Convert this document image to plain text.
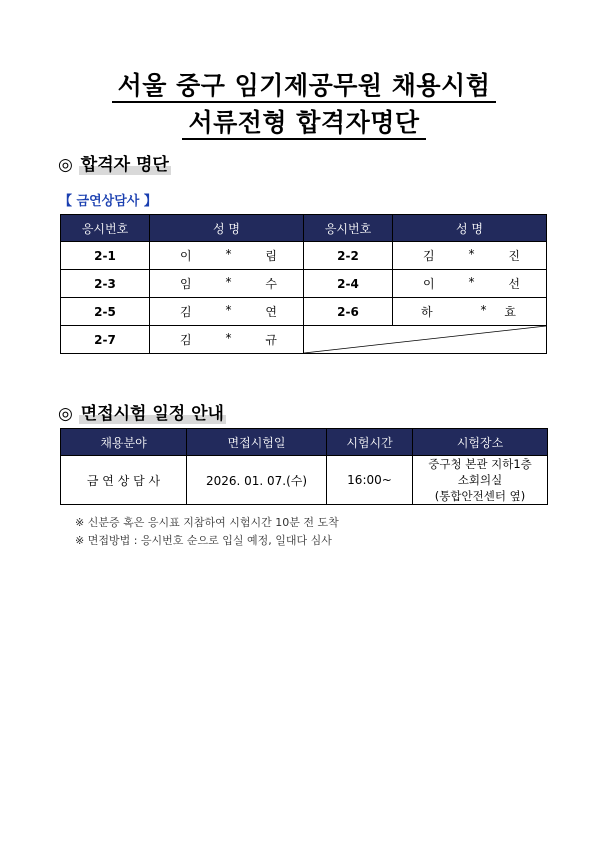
서울 중구 임기제공무원 채용시험
서류전형 합격자명단
◎ 합격자 명단
【 금연상담사 】
응시번호	성 명	응시번호	성 명
2-1	이 * 림	2-2	김 * 진

2-3	임 * 수	2-4	이 * 선

2-5	김 * 연	2-6	하 * 효

2-7	김 * 규

◎ 면접시험 일정 안내
채용분야	면접시험일	시험시간	시험장소
금 연 상 담 사	2026. 01. 07.(수)	16:00~	중구청 본관 지하1층
소회의실
(통합안전센터 옆)
※ 신분증 혹은 응시표 지참하여 시험시간 10분 전 도착
※ 면접방법 : 응시번호 순으로 입실 예정, 일대다 심사
